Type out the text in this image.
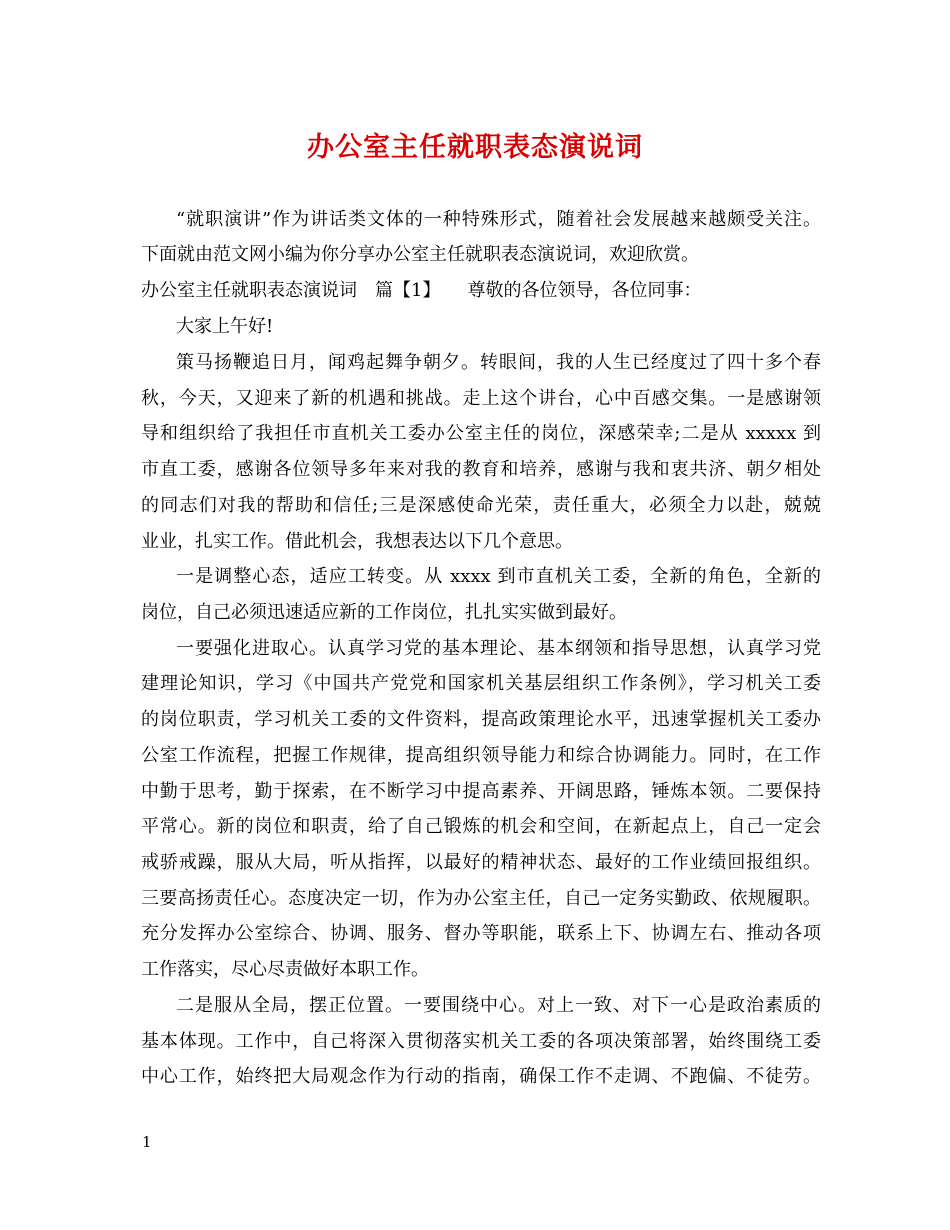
办公室主任就职表态演说词

“就职演讲”作为讲话类文体的一种特殊形式，随着社会发展越来越颇受关注。

下面就由范文网小编为你分享办公室主任就职表态演说词，欢迎欣赏。

办公室主任就职表态演说词　篇【1】　　尊敬的各位领导，各位同事：

大家上午好!

策马扬鞭追日月，闻鸡起舞争朝夕。转眼间，我的人生已经度过了四十多个春

秋，今天，又迎来了新的机遇和挑战。走上这个讲台，心中百感交集。一是感谢领

导和组织给了我担任市直机关工委办公室主任的岗位，深感荣幸;二是从 xxxxx 到

市直工委，感谢各位领导多年来对我的教育和培养，感谢与我和衷共济、朝夕相处

的同志们对我的帮助和信任;三是深感使命光荣，责任重大，必须全力以赴，兢兢

业业，扎实工作。借此机会，我想表达以下几个意思。

一是调整心态，适应工转变。从 xxxx 到市直机关工委，全新的角色，全新的

岗位，自己必须迅速适应新的工作岗位，扎扎实实做到最好。

一要强化进取心。认真学习党的基本理论、基本纲领和指导思想，认真学习党

建理论知识，学习《中国共产党党和国家机关基层组织工作条例》，学习机关工委

的岗位职责，学习机关工委的文件资料，提高政策理论水平，迅速掌握机关工委办

公室工作流程，把握工作规律，提高组织领导能力和综合协调能力。同时，在工作

中勤于思考，勤于探索，在不断学习中提高素养、开阔思路，锤炼本领。二要保持

平常心。新的岗位和职责，给了自己锻炼的机会和空间，在新起点上，自己一定会

戒骄戒躁，服从大局，听从指挥，以最好的精神状态、最好的工作业绩回报组织。

三要高扬责任心。态度决定一切，作为办公室主任，自己一定务实勤政、依规履职。

充分发挥办公室综合、协调、服务、督办等职能，联系上下、协调左右、推动各项

工作落实，尽心尽责做好本职工作。

二是服从全局，摆正位置。一要围绕中心。对上一致、对下一心是政治素质的

基本体现。工作中，自己将深入贯彻落实机关工委的各项决策部署，始终围绕工委

中心工作，始终把大局观念作为行动的指南，确保工作不走调、不跑偏、不徒劳。

1
